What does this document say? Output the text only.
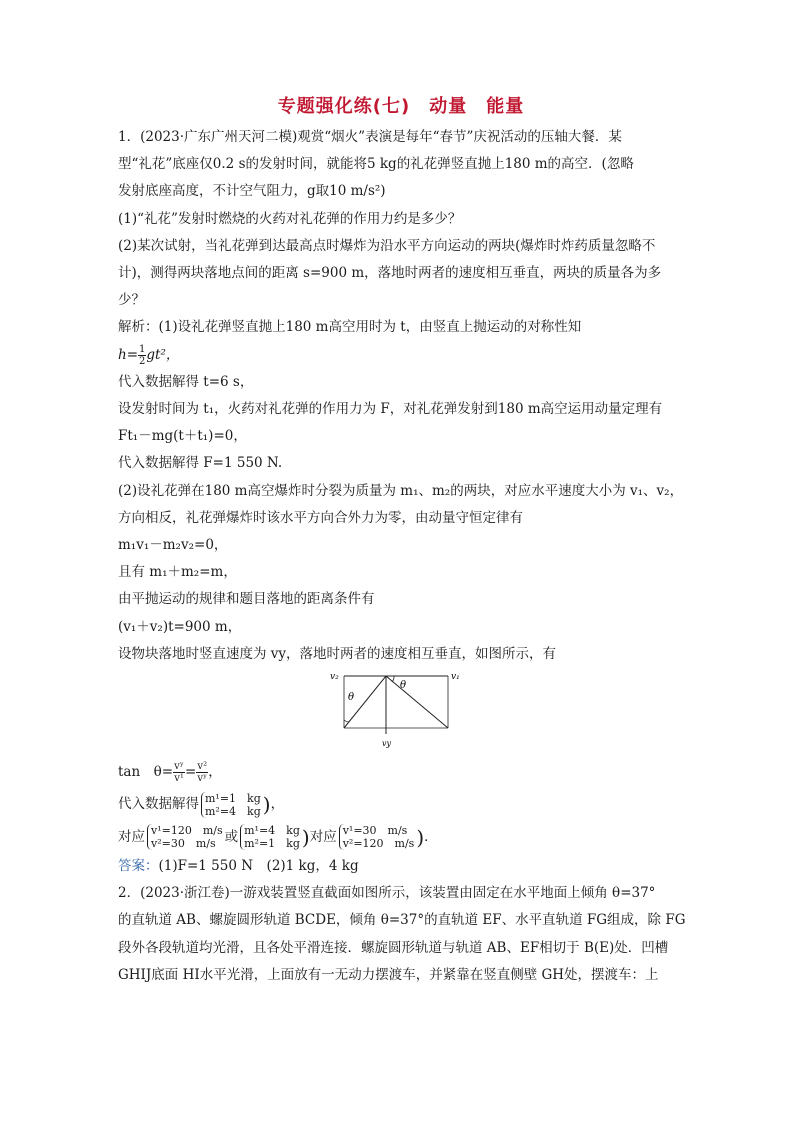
专题强化练(七)　动量　能量
1．(2023·广东广州天河二模)观赏“烟火”表演是每年“春节”庆祝活动的压轴大餐．某
型“礼花”底座仅0.2 s的发射时间，就能将5 kg的礼花弹竖直抛上180 m的高空．(忽略
发射底座高度，不计空气阻力，g取10 m/s²)
(1)“礼花”发射时燃烧的火药对礼花弹的作用力约是多少？
(2)某次试射，当礼花弹到达最高点时爆炸为沿水平方向运动的两块(爆炸时炸药质量忽略不
计)，测得两块落地点间的距离 s=900 m，落地时两者的速度相互垂直，两块的质量各为多
少？
解析：(1)设礼花弹竖直抛上180 m高空用时为 t，由竖直上抛运动的对称性知
$h= \frac{1}{2} gt^2$，
代入数据解得 t=6 s，
设发射时间为 t₁，火药对礼花弹的作用力为 F，对礼花弹发射到180 m高空运用动量定理有
Ft₁－mg(t＋t₁)=0，
代入数据解得 F=1 550 N.
(2)设礼花弹在180 m高空爆炸时分裂为质量为 m₁、m₂的两块，对应水平速度大小为 v₁、v₂，
方向相反，礼花弹爆炸时该水平方向合外力为零，由动量守恒定律有
m₁v₁－m₂v₂=0，
且有 m₁＋m₂=m，
由平抛运动的规律和题目落地的距离条件有
(v₁＋v₂)t=900 m，
设物块落地时竖直速度为 vy，落地时两者的速度相互垂直，如图所示，有
v₂	v₁
vy
θ
θ
tan　$\theta= \frac{\text{vʸ}}{\text{v¹}} = \frac{\text{v²}}{\text{vʸ}}$ ，
代入数据解得 m¹=1　kg
m²=4　kg )，
对应 v¹=120　m/s
v²=30　m/s 或 m¹=4　kg
m²=1　kg )对应 v¹=30　m/s
v²=120　m/s )．
答案：(1)F=1 550 N　(2)1 kg，4 kg
2．(2023·浙江卷)一游戏装置竖直截面如图所示，该装置由固定在水平地面上倾角 θ=37°
的直轨道 AB、螺旋圆形轨道 BCDE，倾角 θ=37°的直轨道 EF、水平直轨道 FG组成，除 FG
段外各段轨道均光滑，且各处平滑连接．螺旋圆形轨道与轨道 AB、EF相切于 B(E)处．凹槽
GHIJ底面 HI水平光滑，上面放有一无动力摆渡车，并紧靠在竖直侧壁 GH处，摆渡车：上
